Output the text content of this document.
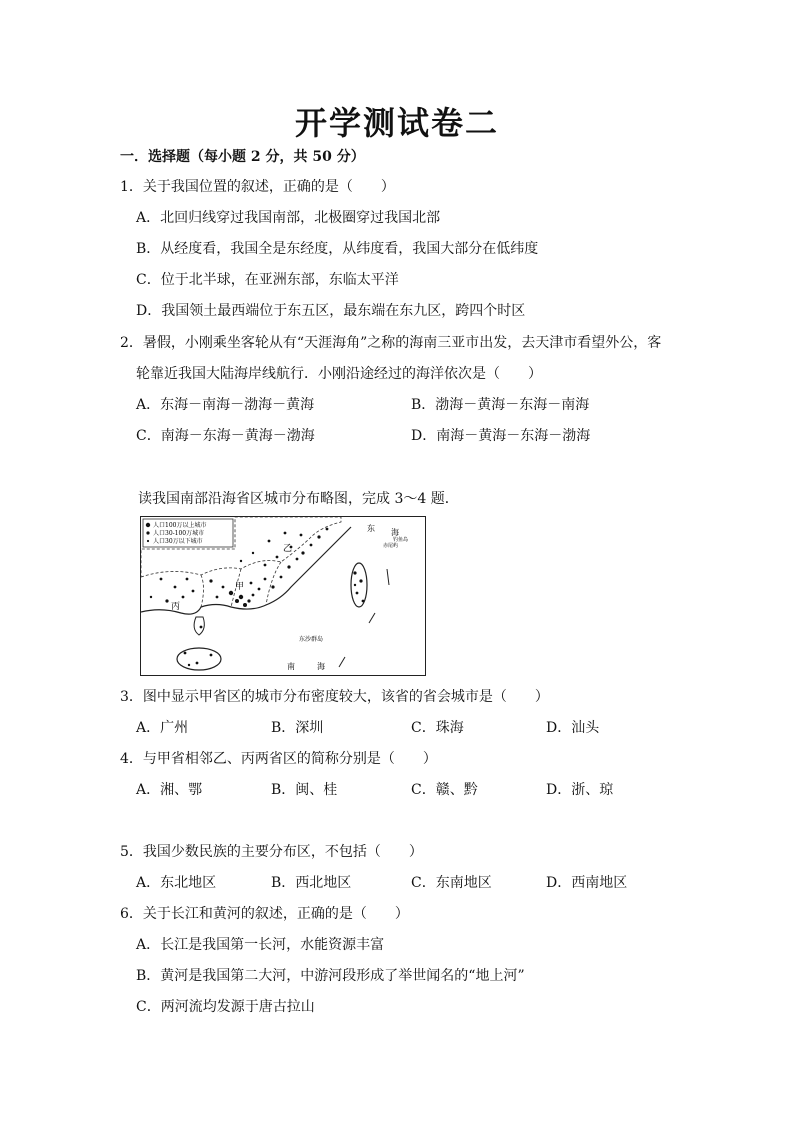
开学测试卷二
一．选择题（每小题 2 分，共 50 分）
1．关于我国位置的叙述，正确的是（　　）
A．北回归线穿过我国南部，北极圈穿过我国北部
B．从经度看，我国全是东经度，从纬度看，我国大部分在低纬度
C．位于北半球，在亚洲东部，东临太平洋
D．我国领土最西端位于东五区，最东端在东九区，跨四个时区
2．暑假，小刚乘坐客轮从有“天涯海角”之称的海南三亚市出发，去天津市看望外公，客
轮靠近我国大陆海岸线航行．小刚沿途经过的海洋依次是（　　）
A．东海－南海－渤海－黄海	B．渤海－黄海－东海－南海
C．南海－东海－黄海－渤海	D．南海－黄海－东海－渤海
读我国南部沿海省区城市分布略图，完成 3～4 题．
人口100万以上城市
人口30-100万城市
人口30万以下城市
甲
乙
丙
东 海
赤尾屿
钓鱼岛
东沙群岛
南	海
3．图中显示甲省区的城市分布密度较大，该省的省会城市是（　　）
A．广州	B．深圳	C．珠海	D．汕头
4．与甲省相邻乙、丙两省区的简称分别是（　　）
A．湘、鄂	B．闽、桂	C．赣、黔	D．浙、琼
5．我国少数民族的主要分布区，不包括（　　）
A．东北地区	B．西北地区	C．东南地区	D．西南地区
6．关于长江和黄河的叙述，正确的是（　　）
A．长江是我国第一长河，水能资源丰富
B．黄河是我国第二大河，中游河段形成了举世闻名的“地上河”
C．两河流均发源于唐古拉山
